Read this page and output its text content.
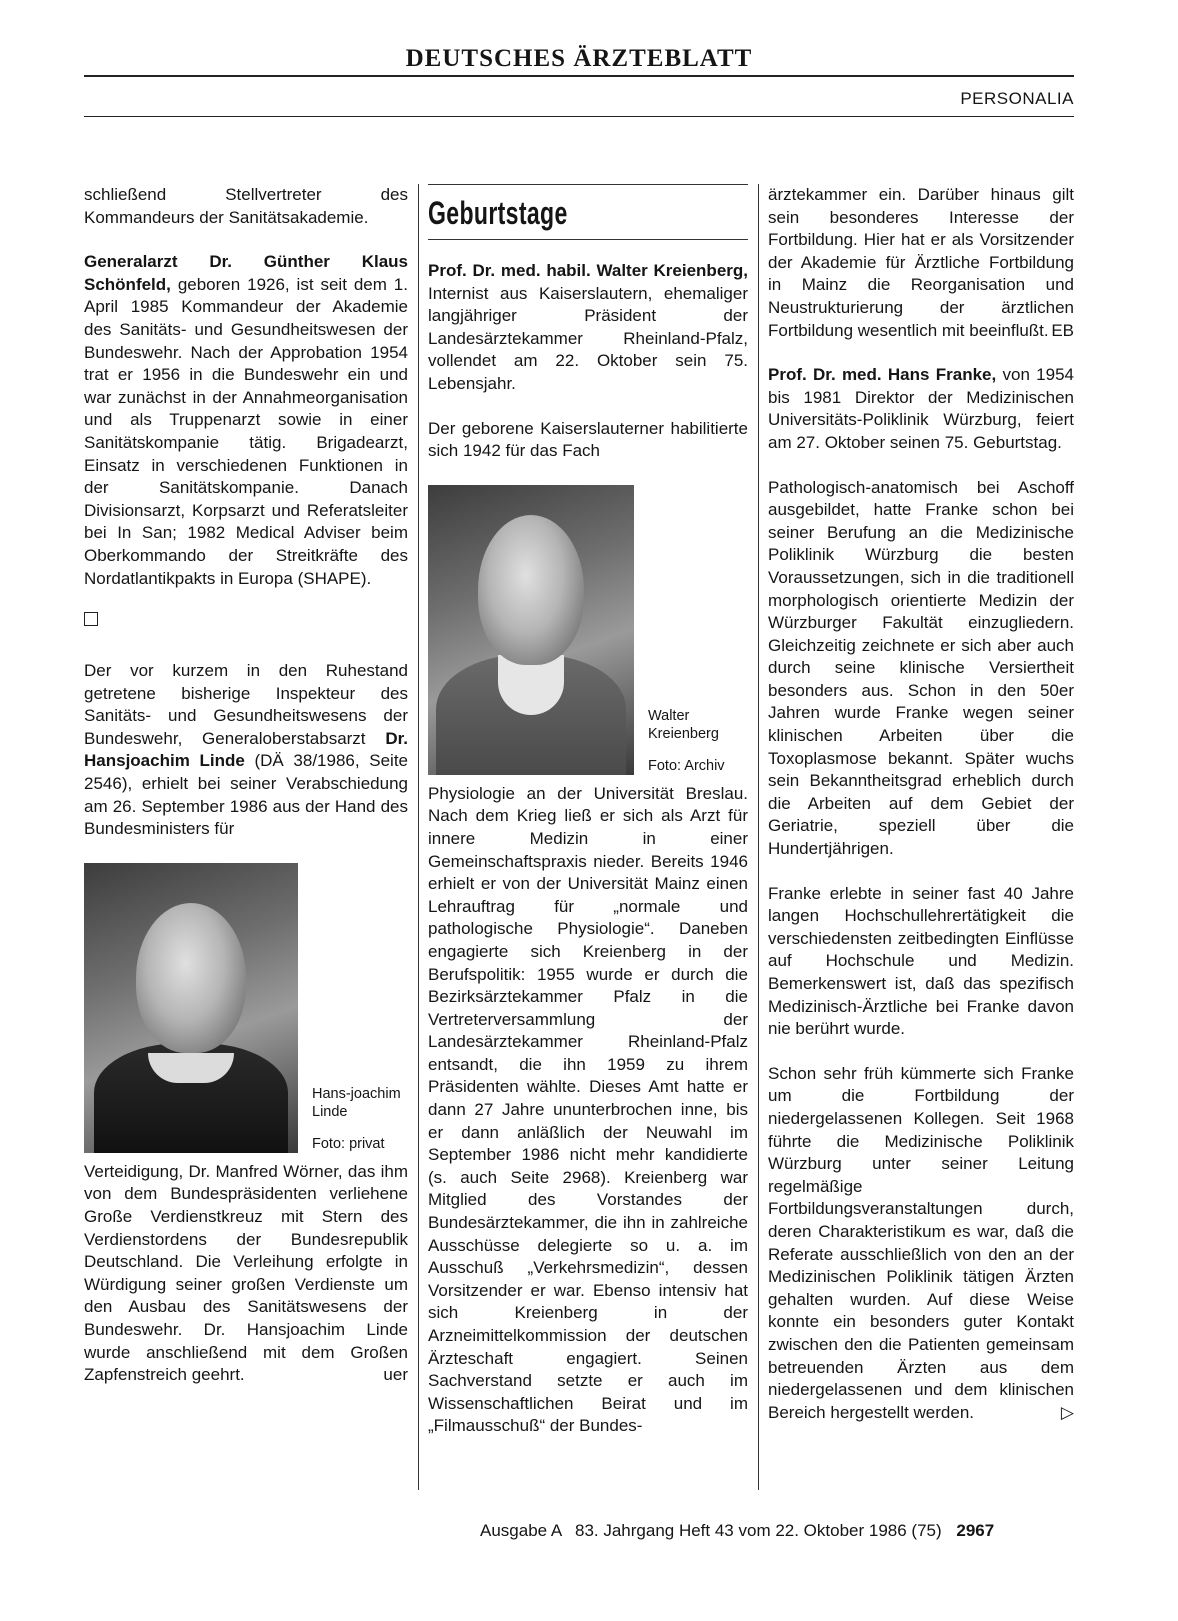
DEUTSCHES ÄRZTEBLATT
PERSONALIA

schließend Stellvertreter des Kommandeurs der Sanitätsakademie.

Generalarzt Dr. Günther Klaus Schönfeld, geboren 1926, ist seit dem 1. April 1985 Kommandeur der Akademie des Sanitäts- und Gesundheitswesen der Bundeswehr. Nach der Approbation 1954 trat er 1956 in die Bundeswehr ein und war zunächst in der Annahmeorganisation und als Truppenarzt sowie in einer Sanitätskompanie tätig. Brigadearzt, Einsatz in verschiedenen Funktionen in der Sanitätskompanie. Danach Divisionsarzt, Korpsarzt und Referatsleiter bei In San; 1982 Medical Adviser beim Oberkommando der Streitkräfte des Nordatlantikpakts in Europa (SHAPE).

Der vor kurzem in den Ruhestand getretene bisherige Inspekteur des Sanitäts- und Gesundheitswesens der Bundeswehr, Generaloberstabsarzt Dr. Hansjoachim Linde (DÄ 38/1986, Seite 2546), erhielt bei seiner Verabschiedung am 26. September 1986 aus der Hand des Bundesministers für

Hans-joachim Linde

Foto: privat

Verteidigung, Dr. Manfred Wörner, das ihm von dem Bundespräsidenten verliehene Große Verdienstkreuz mit Stern des Verdienstordens der Bundesrepublik Deutschland. Die Verleihung erfolgte in Würdigung seiner großen Verdienste um den Ausbau des Sanitätswesens der Bundeswehr. Dr. Hansjoachim Linde wurde anschließend mit dem Großen Zapfenstreich geehrt.	uer

Geburtstage

Prof. Dr. med. habil. Walter Kreienberg, Internist aus Kaiserslautern, ehemaliger langjähriger Präsident der Landesärztekammer Rheinland-Pfalz, vollendet am 22. Oktober sein 75. Lebensjahr.

Der geborene Kaiserslauterner habilitierte sich 1942 für das Fach

Walter Kreienberg

Foto: Archiv

Physiologie an der Universität Breslau. Nach dem Krieg ließ er sich als Arzt für innere Medizin in einer Gemeinschaftspraxis nieder. Bereits 1946 erhielt er von der Universität Mainz einen Lehrauftrag für „normale und pathologische Physiologie“. Daneben engagierte sich Kreienberg in der Berufspolitik: 1955 wurde er durch die Bezirksärztekammer Pfalz in die Vertreterversammlung der Landesärztekammer Rheinland-Pfalz entsandt, die ihn 1959 zu ihrem Präsidenten wählte. Dieses Amt hatte er dann 27 Jahre ununterbrochen inne, bis er dann anläßlich der Neuwahl im September 1986 nicht mehr kandidierte (s. auch Seite 2968). Kreienberg war Mitglied des Vorstandes der Bundesärztekammer, die ihn in zahlreiche Ausschüsse delegierte so u. a. im Ausschuß „Verkehrsmedizin“, dessen Vorsitzender er war. Ebenso intensiv hat sich Kreienberg in der Arzneimittelkommission der deutschen Ärzteschaft engagiert. Seinen Sachverstand setzte er auch im Wissenschaftlichen Beirat und im „Filmausschuß“ der Bundes-

ärztekammer ein. Darüber hinaus gilt sein besonderes Interesse der Fortbildung. Hier hat er als Vorsitzender der Akademie für Ärztliche Fortbildung in Mainz die Reorganisation und Neustrukturierung der ärztlichen Fortbildung wesentlich mit beeinflußt. EB

Prof. Dr. med. Hans Franke, von 1954 bis 1981 Direktor der Medizinischen Universitäts-Poliklinik Würzburg, feiert am 27. Oktober seinen 75. Geburtstag.

Pathologisch-anatomisch bei Aschoff ausgebildet, hatte Franke schon bei seiner Berufung an die Medizinische Poliklinik Würzburg die besten Voraussetzungen, sich in die traditionell morphologisch orientierte Medizin der Würzburger Fakultät einzugliedern. Gleichzeitig zeichnete er sich aber auch durch seine klinische Versiertheit besonders aus. Schon in den 50er Jahren wurde Franke wegen seiner klinischen Arbeiten über die Toxoplasmose bekannt. Später wuchs sein Bekanntheitsgrad erheblich durch die Arbeiten auf dem Gebiet der Geriatrie, speziell über die Hundertjährigen.

Franke erlebte in seiner fast 40 Jahre langen Hochschullehrertätigkeit die verschiedensten zeitbedingten Einflüsse auf Hochschule und Medizin. Bemerkenswert ist, daß das spezifisch Medizinisch-Ärztliche bei Franke davon nie berührt wurde.

Schon sehr früh kümmerte sich Franke um die Fortbildung der niedergelassenen Kollegen. Seit 1968 führte die Medizinische Poliklinik Würzburg unter seiner Leitung regelmäßige Fortbildungsveranstaltungen durch, deren Charakteristikum es war, daß die Referate ausschließlich von den an der Medizinischen Poliklinik tätigen Ärzten gehalten wurden. Auf diese Weise konnte ein besonders guter Kontakt zwischen den die Patienten gemeinsam betreuenden Ärzten aus dem niedergelassenen und dem klinischen Bereich hergestellt werden.	▷

Ausgabe A 83. Jahrgang Heft 43 vom 22. Oktober 1986 (75) 2967
